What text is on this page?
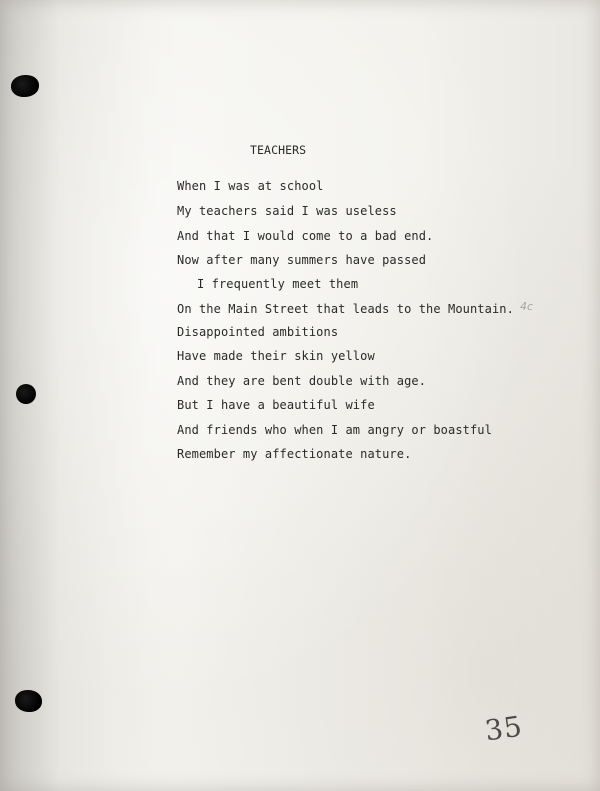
TEACHERS
When I was at school
My teachers said I was useless
And that I would come to a bad end.
Now after many summers have passed
I frequently meet them
On the Main Street that leads to the Mountain.
Disappointed ambitions
Have made their skin yellow
And they are bent double with age.
But I have a beautiful wife
And friends who when I am angry or boastful
Remember my affectionate nature.
4c
35
